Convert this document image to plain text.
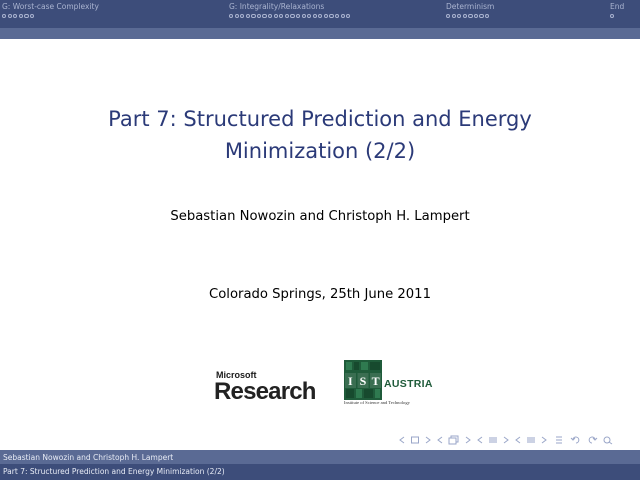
G: Worst-case Complexity	G: Integrality/Relaxations	Determinism	End
Part 7: Structured Prediction and Energy
Minimization (2/2)
Sebastian Nowozin and Christoph H. Lampert
Colorado Springs, 25th June 2011
Microsoft
Research	I S T AUSTRIA
Institute of Science and Technology
Sebastian Nowozin and Christoph H. Lampert
Part 7: Structured Prediction and Energy Minimization (2/2)
